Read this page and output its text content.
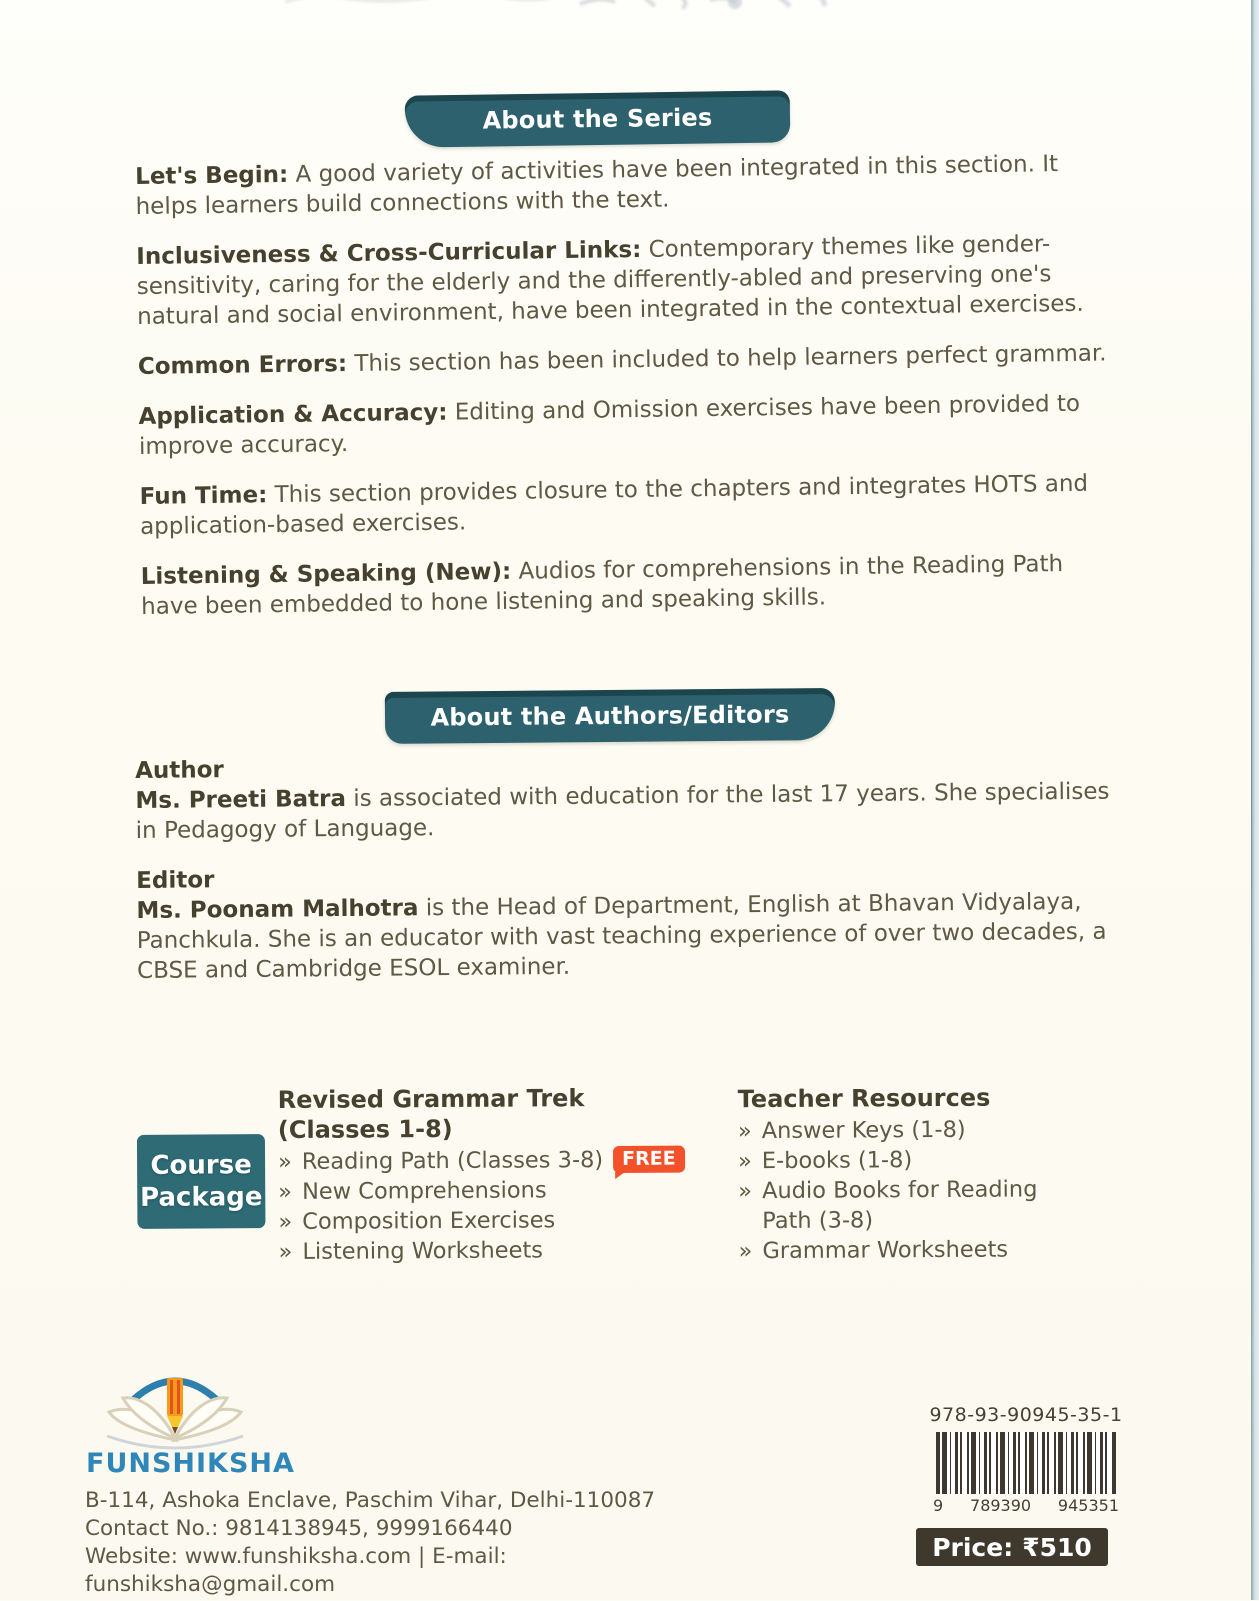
About the Series

Let's Begin: A good variety of activities have been integrated in this section. It helps learners build connections with the text.

Inclusiveness & Cross-Curricular Links: Contemporary themes like gender-sensitivity, caring for the elderly and the differently-abled and preserving one's natural and social environment, have been integrated in the contextual exercises.

Common Errors: This section has been included to help learners perfect grammar.

Application & Accuracy: Editing and Omission exercises have been provided to improve accuracy.

Fun Time: This section provides closure to the chapters and integrates HOTS and application-based exercises.

Listening & Speaking (New): Audios for comprehensions in the Reading Path have been embedded to hone listening and speaking skills.

About the Authors/Editors

Author

Ms. Preeti Batra is associated with education for the last 17 years. She specialises in Pedagogy of Language.

Editor

Ms. Poonam Malhotra is the Head of Department, English at Bhavan Vidyalaya, Panchkula. She is an educator with vast teaching experience of over two decades, a CBSE and Cambridge ESOL examiner.

Course
Package

Revised Grammar Trek
(Classes 1-8)

» Reading Path (Classes 3-8) FREE
» New Comprehensions
» Composition Exercises
» Listening Worksheets

Teacher Resources

» Answer Keys (1-8)
» E-books (1-8)
» Audio Books for Reading Path (3-8)
» Grammar Worksheets
FUNSHIKSHA
B-114, Ashoka Enclave, Paschim Vihar, Delhi-110087
Contact No.: 9814138945, 9999166440
Website: www.funshiksha.com | E-mail: funshiksha@gmail.com
978-93-90945-35-1
9 789390 945351
Price: ₹510
